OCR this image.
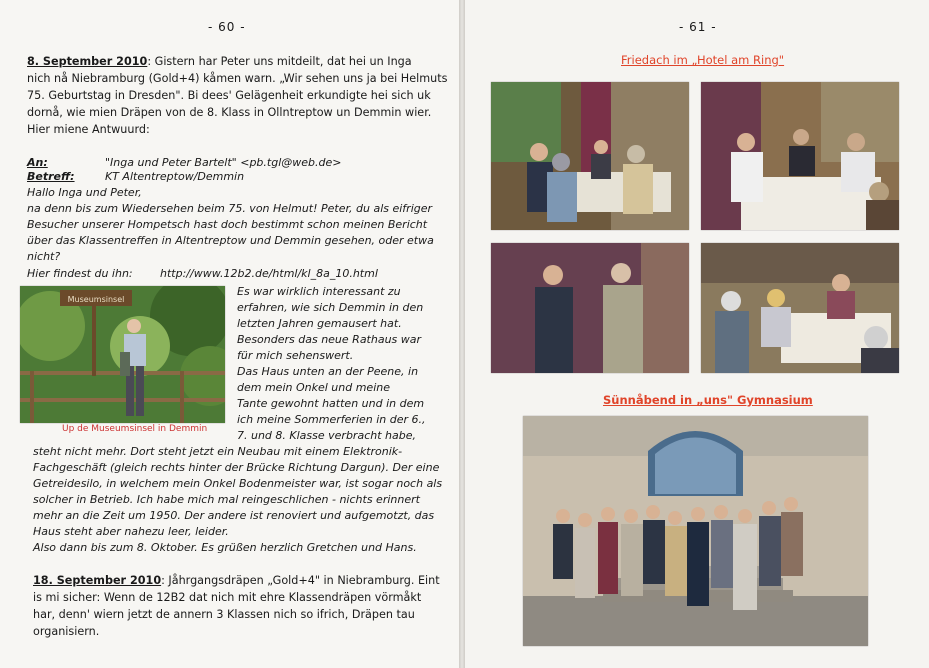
- 60 -
8. September 2010: Gistern har Peter uns mitdeilt, dat hei un Inga
nich nå Niebramburg (Gold+4) kåmen warn. „Wir sehen uns ja bei Helmuts
75. Geburtstag in Dresden". Bi dees' Gelägenheit erkundigte hei sich uk
dornå, wie mien Dräpen von de 8. Klass in Ollntreptow un Demmin wier.
Hier miene Antwuurd:
An:	"Inga und Peter Bartelt" <pb.tgl@web.de>
Betreff:	KT Altentreptow/Demmin
Hallo Inga und Peter,
na denn bis zum Wiedersehen beim 75. von Helmut! Peter, du als eifriger
Besucher unserer Hompetsch hast doch bestimmt schon meinen Bericht
über das Klassentreffen in Altentreptow und Demmin gesehen, oder etwa
nicht?
Hier findest du ihn: http://www.12b2.de/html/kl_8a_10.html
Museumsinsel
Up de Museumsinsel in Demmin
Es war wirklich interessant zu
erfahren, wie sich Demmin in den
letzten Jahren gemausert hat.
Besonders das neue Rathaus war
für mich sehenswert.
Das Haus unten an der Peene, in
dem mein Onkel und meine
Tante gewohnt hatten und in dem
ich meine Sommerferien in der 6.,
7. und 8. Klasse verbracht habe,
steht nicht mehr. Dort steht jetzt ein Neubau mit einem Elektronik-
Fachgeschäft (gleich rechts hinter der Brücke Richtung Dargun). Der eine
Getreidesilo, in welchem mein Onkel Bodenmeister war, ist sogar noch als
solcher in Betrieb. Ich habe mich mal reingeschlichen - nichts erinnert
mehr an die Zeit um 1950. Der andere ist renoviert und aufgemotzt, das
Haus steht aber nahezu leer, leider.
Also dann bis zum 8. Oktober. Es grüßen herzlich Gretchen und Hans.
18. September 2010: Jåhrgangsdräpen „Gold+4" in Niebramburg. Eint
is mi sicher: Wenn de 12B2 dat nich mit ehre Klassendräpen vörmåkt
har, denn' wiern jetzt de annern 3 Klassen nich so ifrich, Dräpen tau
organisiern.
- 61 -
Friedach im „Hotel am Ring"
Sünnåbend in „uns" Gymnasium
